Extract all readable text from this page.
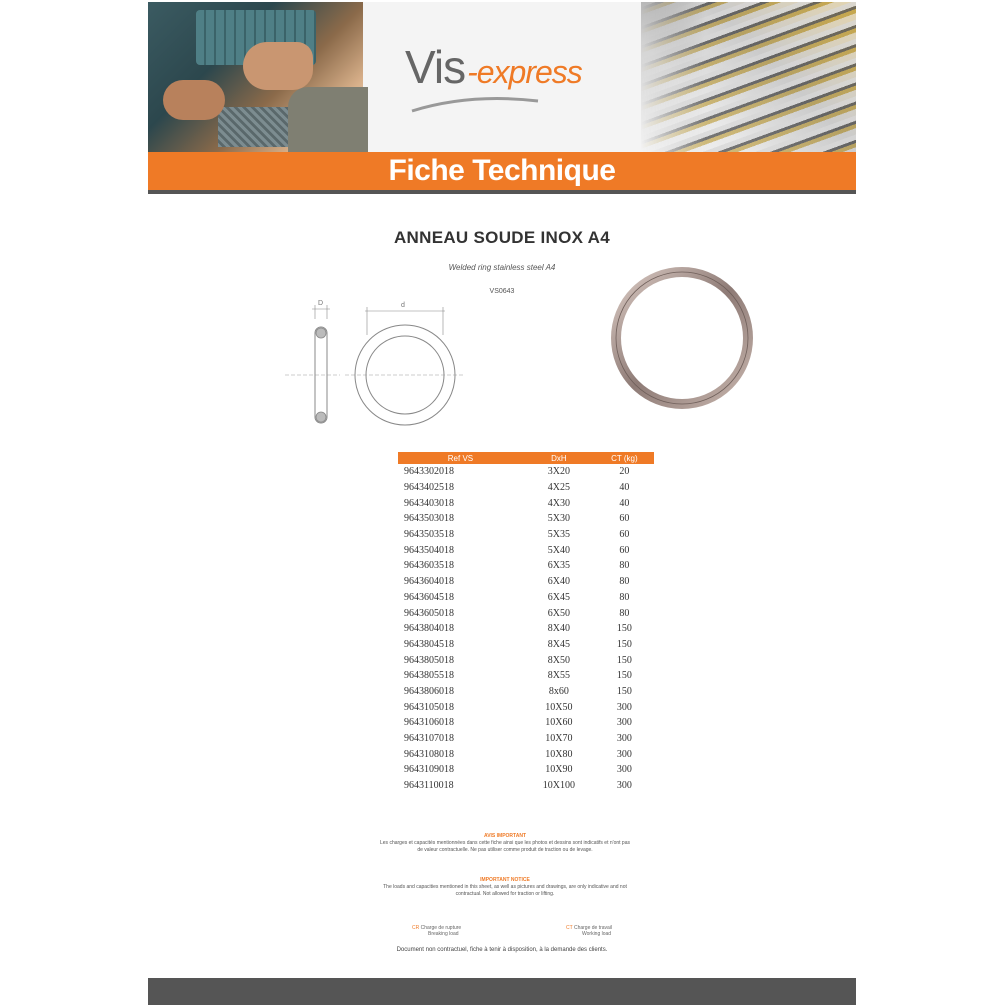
Vis-express
Fiche Technique
ANNEAU SOUDE INOX A4
Welded ring stainless steel A4
VS0643
D	d
Ref VS	DxH	CT (kg)
9643302018	3X20	20
9643402518	4X25	40
9643403018	4X30	40
9643503018	5X30	60
9643503518	5X35	60
9643504018	5X40	60
9643603518	6X35	80
9643604018	6X40	80
9643604518	6X45	80
9643605018	6X50	80
9643804018	8X40	150
9643804518	8X45	150
9643805018	8X50	150
9643805518	8X55	150
9643806018	8x60	150
9643105018	10X50	300
9643106018	10X60	300
9643107018	10X70	300
9643108018	10X80	300
9643109018	10X90	300
9643110018	10X100	300
AVIS IMPORTANT
Les charges et capacités mentionnées dans cette fiche ainsi que les photos et dessins sont indicatifs et n'ont pas de valeur contractuelle. Ne pas utiliser comme produit de traction ou de levage.
IMPORTANT NOTICE
The loads and capacities mentioned in this sheet, as well as pictures and drawings, are only indicative and not contractual. Not allowed for traction or lifting.
CR Charge de rupture
Breaking load
CT Charge de travail
Working load
Document non contractuel, fiche à tenir à disposition, à la demande des clients.
